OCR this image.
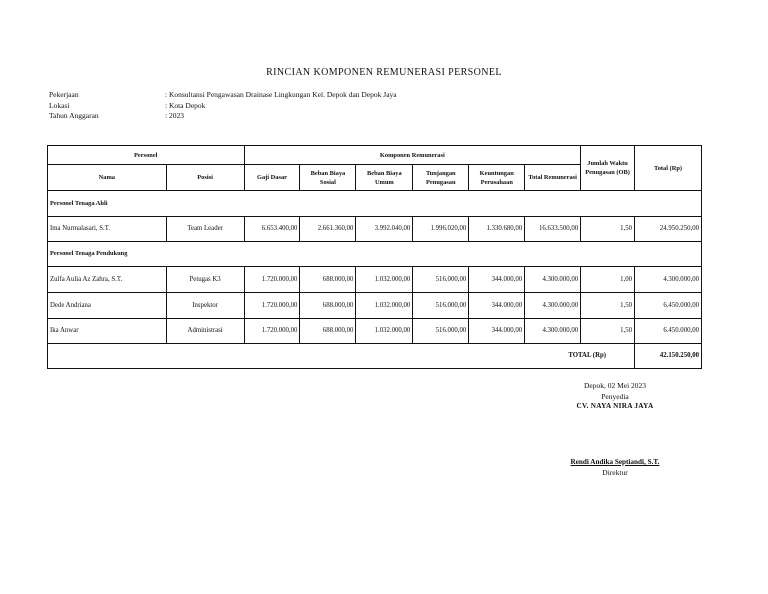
RINCIAN KOMPONEN REMUNERASI PERSONEL
Pekerjaan	: Konsultansi Pengawasan Drainase Lingkungan Kel. Depok dan Depok Jaya
Lokasi	: Kota Depok
Tahun Anggaran	: 2023
Personel		Komponen Remunerasi						Jumlah Waktu Penugasan (OB)	Total (Rp)
Nama	Posisi	Gaji Dasar	Beban Biaya Sosial	Beban Biaya Umum	Tunjangan Penugasan	Keuntungan Perusahaan	Total Remunerasi		
Personel Tenaga Ahli									
Ima Nurmalasari, S.T.	Team Leader	6.653.400,00	2.661.360,00	3.992.040,00	1.996.020,00	1.330.680,00	16.633.500,00	1,50	24.950.250,00
Personel Tenaga Pendukung									
Zulfa Aulia Az Zahra, S.T.	Petugas K3	1.720.000,00	688.000,00	1.032.000,00	516.000,00	344.000,00	4.300.000,00	1,00	4.300.000,00
Dede Andriana	Inspektor	1.720.000,00	688.000,00	1.032.000,00	516.000,00	344.000,00	4.300.000,00	1,50	6.450.000,00
Ika Anwar	Administrasi	1.720.000,00	688.000,00	1.032.000,00	516.000,00	344.000,00	4.300.000,00	1,50	6.450.000,00
TOTAL (Rp)									42.150.250,00
Depok, 02 Mei 2023
Penyedia
CV. NAYA NIRA JAYA
Rendi Andika Septiandi, S.T.
Direktur
